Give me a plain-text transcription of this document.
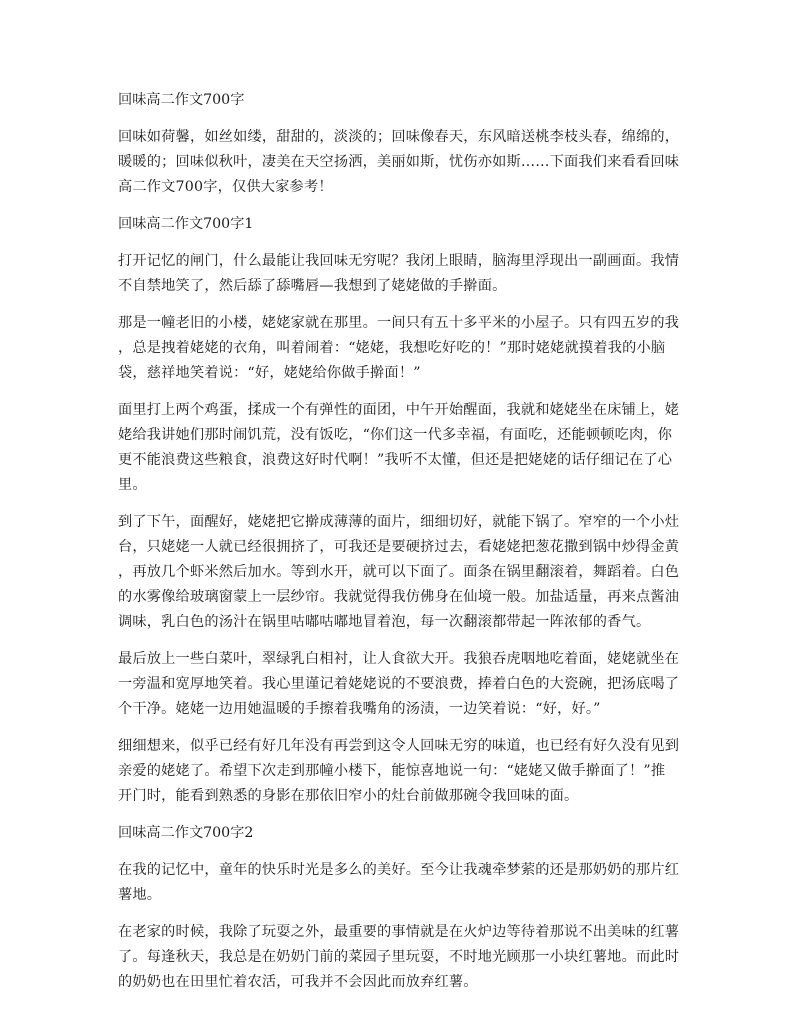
回味高二作文700字
回味如荷馨，如丝如缕，甜甜的，淡淡的；回味像春天，东风暗送桃李枝头春，绵绵的，
暖暖的；回味似秋叶，凄美在天空扬洒，美丽如斯，忧伤亦如斯……下面我们来看看回味
高二作文700字，仅供大家参考！
回味高二作文700字1
打开记忆的闸门，什么最能让我回味无穷呢？我闭上眼睛，脑海里浮现出一副画面。我情
不自禁地笑了，然后舔了舔嘴唇—我想到了姥姥做的手擀面。
那是一幢老旧的小楼，姥姥家就在那里。一间只有五十多平米的小屋子。只有四五岁的我
，总是拽着姥姥的衣角，叫着闹着：“姥姥，我想吃好吃的！”那时姥姥就摸着我的小脑
袋，慈祥地笑着说：“好，姥姥给你做手擀面！”
面里打上两个鸡蛋，揉成一个有弹性的面团，中午开始醒面，我就和姥姥坐在床铺上，姥
姥给我讲她们那时闹饥荒，没有饭吃，“你们这一代多幸福，有面吃，还能顿顿吃肉，你
更不能浪费这些粮食，浪费这好时代啊！”我听不太懂，但还是把姥姥的话仔细记在了心
里。
到了下午，面醒好，姥姥把它擀成薄薄的面片，细细切好，就能下锅了。窄窄的一个小灶
台，只姥姥一人就已经很拥挤了，可我还是要硬挤过去，看姥姥把葱花撒到锅中炒得金黄
，再放几个虾米然后加水。等到水开，就可以下面了。面条在锅里翻滚着，舞蹈着。白色
的水雾像给玻璃窗蒙上一层纱帘。我就觉得我仿佛身在仙境一般。加盐适量，再来点酱油
调味，乳白色的汤汁在锅里咕嘟咕嘟地冒着泡，每一次翻滚都带起一阵浓郁的香气。
最后放上一些白菜叶，翠绿乳白相衬，让人食欲大开。我狼吞虎咽地吃着面，姥姥就坐在
一旁温和宽厚地笑着。我心里谨记着姥姥说的不要浪费，捧着白色的大瓷碗，把汤底喝了
个干净。姥姥一边用她温暖的手擦着我嘴角的汤渍，一边笑着说：“好，好。”
细细想来，似乎已经有好几年没有再尝到这令人回味无穷的味道，也已经有好久没有见到
亲爱的姥姥了。希望下次走到那幢小楼下，能惊喜地说一句：“姥姥又做手擀面了！”推
开门时，能看到熟悉的身影在那依旧窄小的灶台前做那碗令我回味的面。
回味高二作文700字2
在我的记忆中，童年的快乐时光是多么的美好。至今让我魂牵梦萦的还是那奶奶的那片红
薯地。
在老家的时候，我除了玩耍之外，最重要的事情就是在火炉边等待着那说不出美味的红薯
了。每逢秋天，我总是在奶奶门前的菜园子里玩耍，不时地光顾那一小块红薯地。而此时
的奶奶也在田里忙着农活，可我并不会因此而放弃红薯。
